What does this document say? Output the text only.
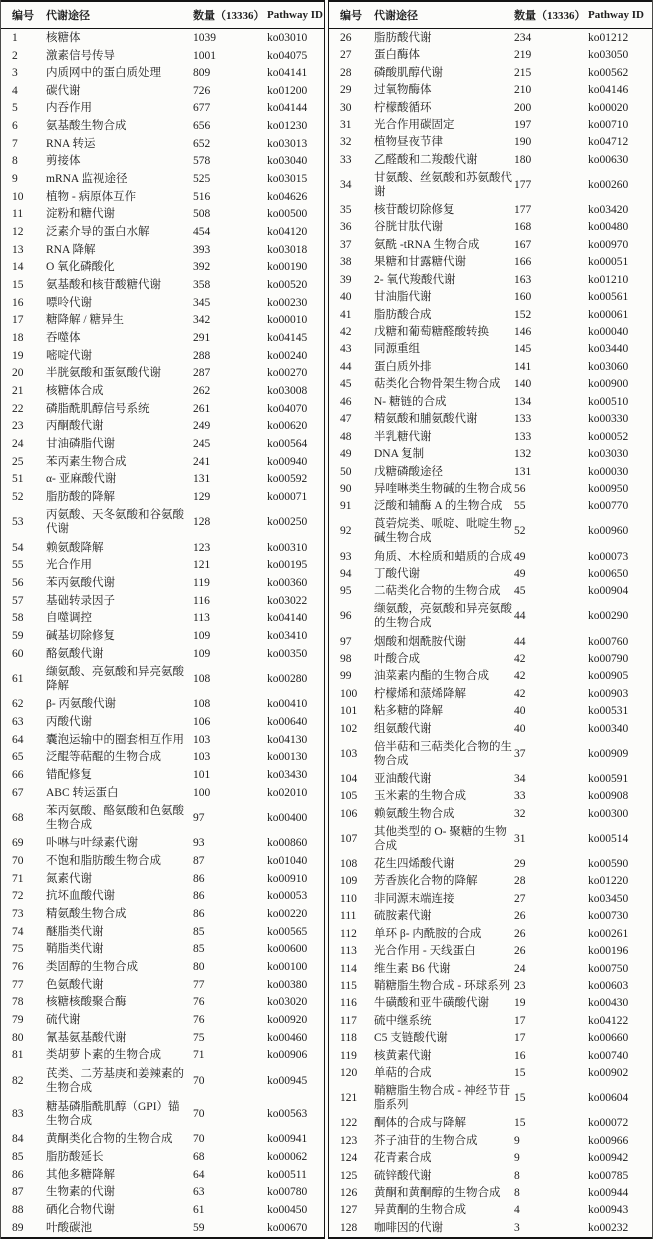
编号	代谢途径	数量（13336）	Pathway ID
1	核糖体	1039	ko03010
2	激素信号传导	1001	ko04075
3	内质网中的蛋白质处理	809	ko04141
4	碳代谢	726	ko01200
5	内吞作用	677	ko04144
6	氨基酸生物合成	656	ko01230
7	RNA 转运	652	ko03013
8	剪接体	578	ko03040
9	mRNA 监视途径	525	ko03015
10	植物 - 病原体互作	516	ko04626
11	淀粉和糖代谢	508	ko00500
12	泛素介导的蛋白水解	454	ko04120
13	RNA 降解	393	ko03018
14	O 氧化磷酸化	392	ko00190
15	氨基酸和核苷酸糖代谢	358	ko00520
16	嘌呤代谢	345	ko00230
17	糖降解 / 糖异生	342	ko00010
18	吞噬体	291	ko04145
19	嘧啶代谢	288	ko00240
20	半胱氨酸和蛋氨酸代谢	287	ko00270
21	核糖体合成	262	ko03008
22	磷脂酰肌醇信号系统	261	ko04070
23	丙酮酸代谢	249	ko00620
24	甘油磷脂代谢	245	ko00564
25	苯丙素生物合成	241	ko00940
51	α- 亚麻酸代谢	131	ko00592
52	脂肪酸的降解	129	ko00071
53	丙氨酸、天冬氨酸和谷氨酸代谢	128	ko00250
54	赖氨酸降解	123	ko00310
55	光合作用	121	ko00195
56	苯丙氨酸代谢	119	ko00360
57	基础转录因子	116	ko03022
58	自噬调控	113	ko04140
59	碱基切除修复	109	ko03410
60	酪氨酸代谢	109	ko00350
61	缬氨酸、亮氨酸和异亮氨酸降解	108	ko00280
62	β- 丙氨酸代谢	108	ko00410
63	丙酸代谢	106	ko00640
64	囊泡运输中的圈套相互作用	103	ko04130
65	泛醌等萜醌的生物合成	103	ko00130
66	错配修复	101	ko03430
67	ABC 转运蛋白	100	ko02010
68	苯丙氨酸、酪氨酸和色氨酸生物合成	97	ko00400
69	卟啉与叶绿素代谢	93	ko00860
70	不饱和脂肪酸生物合成	87	ko01040
71	氮素代谢	86	ko00910
72	抗坏血酸代谢	86	ko00053
73	精氨酸生物合成	86	ko00220
74	醚脂类代谢	85	ko00565
75	鞘脂类代谢	85	ko00600
76	类固醇的生物合成	80	ko00100
77	色氨酸代谢	77	ko00380
78	核糖核酸聚合酶	76	ko03020
79	硫代谢	76	ko00920
80	氰基氨基酸代谢	75	ko00460
81	类胡萝卜素的生物合成	71	ko00906
82	芪类、二芳基庚和姜辣素的生物合成	70	ko00945
83	糖基磷脂酰肌醇（GPI）锚生物合成	70	ko00563
84	黄酮类化合物的生物合成	70	ko00941
85	脂肪酸延长	68	ko00062
86	其他多糖降解	64	ko00511
87	生物素的代谢	63	ko00780
88	硒化合物代谢	61	ko00450
89	叶酸碳池	59	ko00670
编号	代谢途径	数量（13336）	Pathway ID
26	脂肪酸代谢	234	ko01212
27	蛋白酶体	219	ko03050
28	磷酸肌醇代谢	215	ko00562
29	过氧物酶体	210	ko04146
30	柠檬酸循环	200	ko00020
31	光合作用碳固定	197	ko00710
32	植物昼夜节律	190	ko04712
33	乙醛酸和二羧酸代谢	180	ko00630
34	甘氨酸、丝氨酸和苏氨酸代谢	177	ko00260
35	核苷酸切除修复	177	ko03420
36	谷胱甘肽代谢	168	ko00480
37	氨酰 -tRNA 生物合成	167	ko00970
38	果糖和甘露糖代谢	166	ko00051
39	2- 氧代羧酸代谢	163	ko01210
40	甘油脂代谢	160	ko00561
41	脂肪酸合成	152	ko00061
42	戊糖和葡萄糖醛酸转换	146	ko00040
43	同源重组	145	ko03440
44	蛋白质外排	141	ko03060
45	萜类化合物骨架生物合成	140	ko00900
46	N- 糖链的合成	134	ko00510
47	精氨酸和脯氨酸代谢	133	ko00330
48	半乳糖代谢	133	ko00052
49	DNA 复制	132	ko03030
50	戊糖磷酸途径	131	ko00030
90	异喹啉类生物碱的生物合成	56	ko00950
91	泛酸和辅酶 A 的生物合成	55	ko00770
92	莨菪烷类、哌啶、吡啶生物碱生物合成	52	ko00960
93	角质、木栓质和蜡质的合成	49	ko00073
94	丁酸代谢	49	ko00650
95	二萜类化合物的生物合成	45	ko00904
96	缬氨酸，亮氨酸和异亮氨酸的生物合成	44	ko00290
97	烟酸和烟酰胺代谢	44	ko00760
98	叶酸合成	42	ko00790
99	油菜素内酯的生物合成	42	ko00905
100	柠檬烯和蒎烯降解	42	ko00903
101	粘多糖的降解	40	ko00531
102	组氨酸代谢	40	ko00340
103	倍半萜和三萜类化合物的生物合成	37	ko00909
104	亚油酸代谢	34	ko00591
105	玉米素的生物合成	33	ko00908
106	赖氨酸生物合成	32	ko00300
107	其他类型的 O- 聚糖的生物合成	31	ko00514
108	花生四烯酸代谢	29	ko00590
109	芳香族化合物的降解	28	ko01220
110	非同源末端连接	27	ko03450
111	硫胺素代谢	26	ko00730
112	单环 β- 内酰胺的合成	26	ko00261
113	光合作用 - 天线蛋白	26	ko00196
114	维生素 B6 代谢	24	ko00750
115	鞘糖脂生物合成 - 环球系列	23	ko00603
116	牛磺酸和亚牛磺酸代谢	19	ko00430
117	硫中继系统	17	ko04122
118	C5 支链酸代谢	17	ko00660
119	核黄素代谢	16	ko00740
120	单萜的合成	15	ko00902
121	鞘糖脂生物合成 - 神经节苷脂系列	15	ko00604
122	酮体的合成与降解	15	ko00072
123	芥子油苷的生物合成	9	ko00966
124	花青素合成	9	ko00942
125	硫锌酸代谢	8	ko00785
126	黄酮和黄酮醇的生物合成	8	ko00944
127	异黄酮的生物合成	4	ko00943
128	咖啡因的代谢	3	ko00232
